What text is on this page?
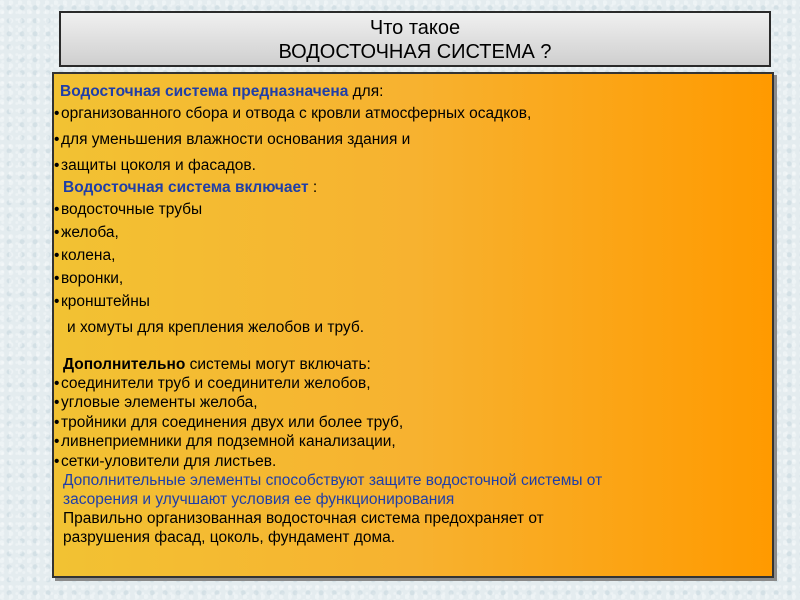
Что такое
ВОДОСТОЧНАЯ СИСТЕМА ?
Водосточная система предназначена для:
• организованного сбора и отвода с кровли атмосферных осадков,
• для уменьшения влажности основания здания и
• защиты цоколя и фасадов.
Водосточная система включает :
• водосточные трубы
• желоба,
• колена,
• воронки,
• кронштейны
и хомуты для крепления желобов и труб.
Дополнительно системы могут включать:
• соединители труб и соединители желобов,
• угловые элементы желоба,
• тройники для соединения двух или более труб,
• ливнеприемники для подземной канализации,
• сетки-уловители для листьев.
Дополнительные элементы способствуют защите водосточной системы от
засорения и улучшают условия ее функционирования
Правильно организованная водосточная система предохраняет от
разрушения фасад, цоколь, фундамент дома.
